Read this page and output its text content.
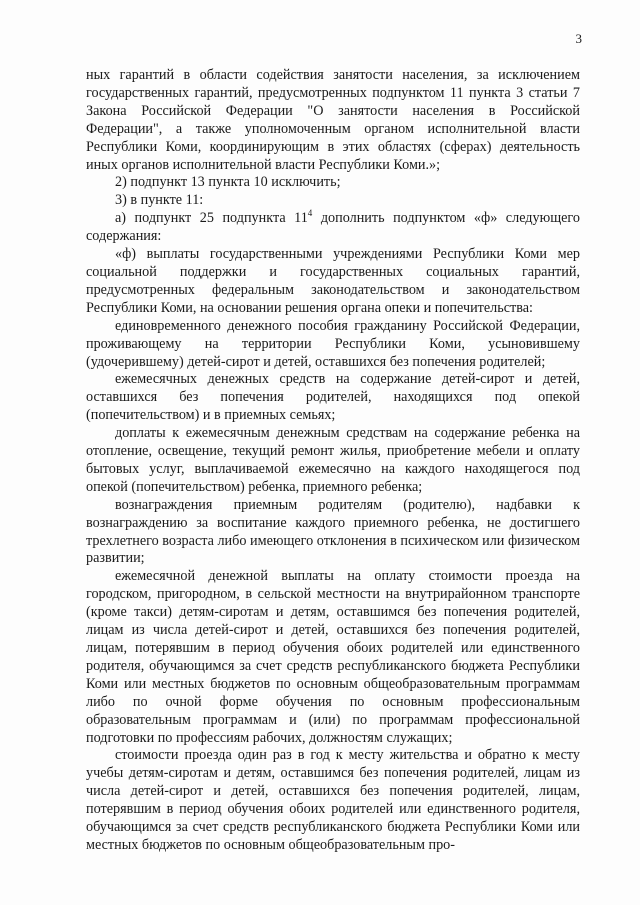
3

ных гарантий в области содействия занятости населения, за исключением государственных гарантий, предусмотренных подпунктом 11 пункта 3 статьи 7 Закона Российской Федерации "О занятости населения в Российской Федерации", а также уполномоченным органом исполнительной власти Республики Коми, координирующим в этих областях (сферах) деятельность иных органов исполнительной власти Республики Коми.»;

2) подпункт 13 пункта 10 исключить;

3) в пункте 11:

а) подпункт 25 подпункта $11^4$ дополнить подпунктом «ф» следующего содержания:

«ф) выплаты государственными учреждениями Республики Коми мер социальной поддержки и государственных социальных гарантий, предусмотренных федеральным законодательством и законодательством Республики Коми, на основании решения органа опеки и попечительства:

единовременного денежного пособия гражданину Российской Федерации, проживающему на территории Республики Коми, усыновившему (удочерившему) детей-сирот и детей, оставшихся без попечения родителей;

ежемесячных денежных средств на содержание детей-сирот и детей, оставшихся без попечения родителей, находящихся под опекой (попечительством) и в приемных семьях;

доплаты к ежемесячным денежным средствам на содержание ребенка на отопление, освещение, текущий ремонт жилья, приобретение мебели и оплату бытовых услуг, выплачиваемой ежемесячно на каждого находящегося под опекой (попечительством) ребенка, приемного ребенка;

вознаграждения приемным родителям (родителю), надбавки к вознаграждению за воспитание каждого приемного ребенка, не достигшего трехлетнего возраста либо имеющего отклонения в психическом или физическом развитии;

ежемесячной денежной выплаты на оплату стоимости проезда на городском, пригородном, в сельской местности на внутрирайонном транспорте (кроме такси) детям-сиротам и детям, оставшимся без попечения родителей, лицам из числа детей-сирот и детей, оставшихся без попечения родителей, лицам, потерявшим в период обучения обоих родителей или единственного родителя, обучающимся за счет средств республиканского бюджета Республики Коми или местных бюджетов по основным общеобразовательным программам либо по очной форме обучения по основным профессиональным образовательным программам и (или) по программам профессиональной подготовки по профессиям рабочих, должностям служащих;

стоимости проезда один раз в год к месту жительства и обратно к месту учебы детям-сиротам и детям, оставшимся без попечения родителей, лицам из числа детей-сирот и детей, оставшихся без попечения родителей, лицам, потерявшим в период обучения обоих родителей или единственного родителя, обучающимся за счет средств республиканского бюджета Республики Коми или местных бюджетов по основным общеобразовательным про-
